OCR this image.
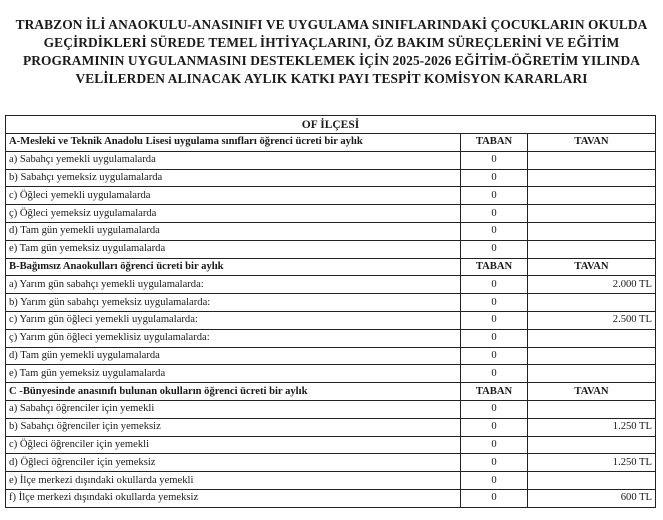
TRABZON İLİ ANAOKULU-ANASINIFI VE UYGULAMA SINIFLARINDAKİ ÇOCUKLARIN OKULDA
GEÇİRDİKLERİ SÜREDE TEMEL İHTİYAÇLARINI, ÖZ BAKIM SÜREÇLERİNİ VE EĞİTİM
PROGRAMININ UYGULANMASINI DESTEKLEMEK İÇİN 2025-2026 EĞİTİM-ÖĞRETİM YILINDA
VELİLERDEN ALINACAK AYLIK KATKI PAYI TESPİT KOMİSYON KARARLARI
OF İLÇESİ		
A-Mesleki ve Teknik Anadolu Lisesi uygulama sınıfları öğrenci ücreti bir aylık	TABAN	TAVAN
a) Sabahçı yemekli uygulamalarda	0	
b) Sabahçı yemeksiz uygulamalarda	0	
c) Öğleci yemekli uygulamalarda	0	
ç) Öğleci yemeksiz uygulamalarda	0	
d) Tam gün yemekli uygulamalarda	0	
e) Tam gün yemeksiz uygulamalarda	0	
B-Bağımsız Anaokulları öğrenci ücreti bir aylık	TABAN	TAVAN
a) Yarım gün sabahçı yemekli uygulamalarda:	0	2.000 TL
b) Yarım gün sabahçı yemeksiz uygulamalarda:	0	
c) Yarım gün öğleci yemekli uygulamalarda:	0	2.500 TL
ç) Yarım gün öğleci yemeklisiz uygulamalarda:	0	
d) Tam gün yemekli uygulamalarda	0	
e) Tam gün yemeksiz uygulamalarda	0	
C -Bünyesinde anasınıfı bulunan okulların öğrenci ücreti bir aylık	TABAN	TAVAN
a) Sabahçı öğrenciler için yemekli	0	
b) Sabahçı öğrenciler için yemeksiz	0	1.250 TL
c) Öğleci öğrenciler için yemekli	0	
d) Öğleci öğrenciler için yemeksiz	0	1.250 TL
e) İlçe merkezi dışındaki okullarda yemekli	0	
f) İlçe merkezi dışındaki okullarda yemeksiz	0	600 TL
